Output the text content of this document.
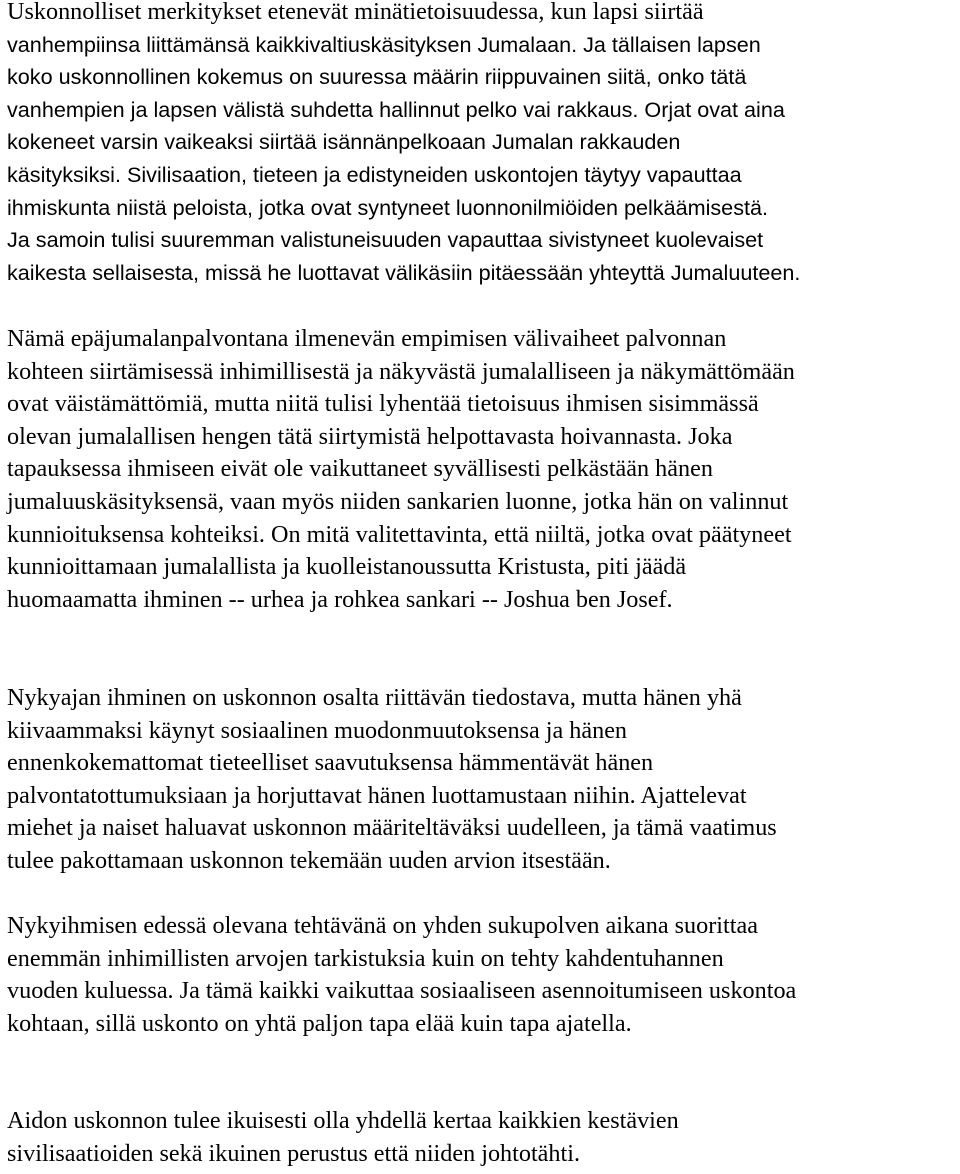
Uskonnolliset merkitykset etenevät minätietoisuudessa, kun lapsi siirtää
vanhempiinsa liittämänsä kaikkivaltiuskäsityksen Jumalaan. Ja tällaisen lapsen
koko uskonnollinen kokemus on suuressa määrin riippuvainen siitä, onko tätä
vanhempien ja lapsen välistä suhdetta hallinnut pelko vai rakkaus. Orjat ovat aina
kokeneet varsin vaikeaksi siirtää isännänpelkoaan Jumalan rakkauden
käsityksiksi. Sivilisaation, tieteen ja edistyneiden uskontojen täytyy vapauttaa
ihmiskunta niistä peloista, jotka ovat syntyneet luonnonilmiöiden pelkäämisestä.
Ja samoin tulisi suuremman valistuneisuuden vapauttaa sivistyneet kuolevaiset
kaikesta sellaisesta, missä he luottavat välikäsiin pitäessään yhteyttä Jumaluuteen.

Nämä epäjumalanpalvontana ilmenevän empimisen välivaiheet palvonnan
kohteen siirtämisessä inhimillisestä ja näkyvästä jumalalliseen ja näkymättömään
ovat väistämättömiä, mutta niitä tulisi lyhentää tietoisuus ihmisen sisimmässä
olevan jumalallisen hengen tätä siirtymistä helpottavasta hoivannasta. Joka
tapauksessa ihmiseen eivät ole vaikuttaneet syvällisesti pelkästään hänen
jumaluuskäsityksensä, vaan myös niiden sankarien luonne, jotka hän on valinnut
kunnioituksensa kohteiksi. On mitä valitettavinta, että niiltä, jotka ovat päätyneet
kunnioittamaan jumalallista ja kuolleistanoussutta Kristusta, piti jäädä
huomaamatta ihminen -- urhea ja rohkea sankari -- Joshua ben Josef.

Nykyajan ihminen on uskonnon osalta riittävän tiedostava, mutta hänen yhä
kiivaammaksi käynyt sosiaalinen muodonmuutoksensa ja hänen
ennenkokemattomat tieteelliset saavutuksensa hämmentävät hänen
palvontatottumuksiaan ja horjuttavat hänen luottamustaan niihin. Ajattelevat
miehet ja naiset haluavat uskonnon määriteltäväksi uudelleen, ja tämä vaatimus
tulee pakottamaan uskonnon tekemään uuden arvion itsestään.

Nykyihmisen edessä olevana tehtävänä on yhden sukupolven aikana suorittaa
enemmän inhimillisten arvojen tarkistuksia kuin on tehty kahdentuhannen
vuoden kuluessa. Ja tämä kaikki vaikuttaa sosiaaliseen asennoitumiseen uskontoa
kohtaan, sillä uskonto on yhtä paljon tapa elää kuin tapa ajatella.

Aidon uskonnon tulee ikuisesti olla yhdellä kertaa kaikkien kestävien
sivilisaatioiden sekä ikuinen perustus että niiden johtotähti.
